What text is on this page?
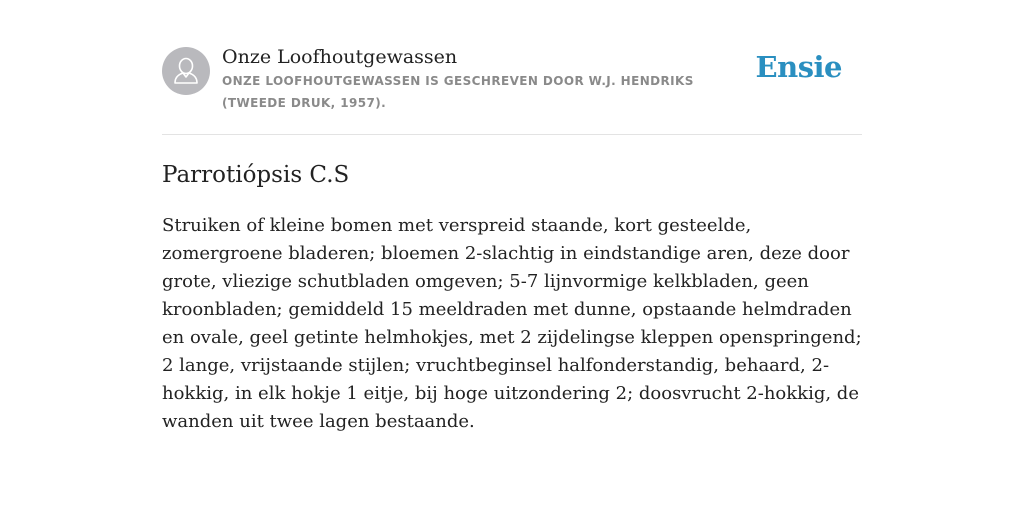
Onze Loofhoutgewassen

ONZE LOOFHOUTGEWASSEN IS GESCHREVEN DOOR W.J. HENDRIKS (TWEEDE DRUK, 1957).

Ensie
Parrotiópsis C.S

Struiken of kleine bomen met verspreid staande, kort gesteelde, zomergroene bladeren; bloemen 2-slachtig in eindstandige aren, deze door grote, vliezige schutbladen omgeven; 5-7 lijnvormige kelkbladen, geen kroonbladen; gemiddeld 15 meeldraden met dunne, opstaande helmdraden en ovale, geel getinte helmhokjes, met 2 zijdelingse kleppen openspringend; 2 lange, vrijstaande stijlen; vruchtbeginsel halfonderstandig, behaard, 2-hokkig, in elk hokje 1 eitje, bij hoge uitzondering 2; doosvrucht 2-hokkig, de wanden uit twee lagen bestaande.
